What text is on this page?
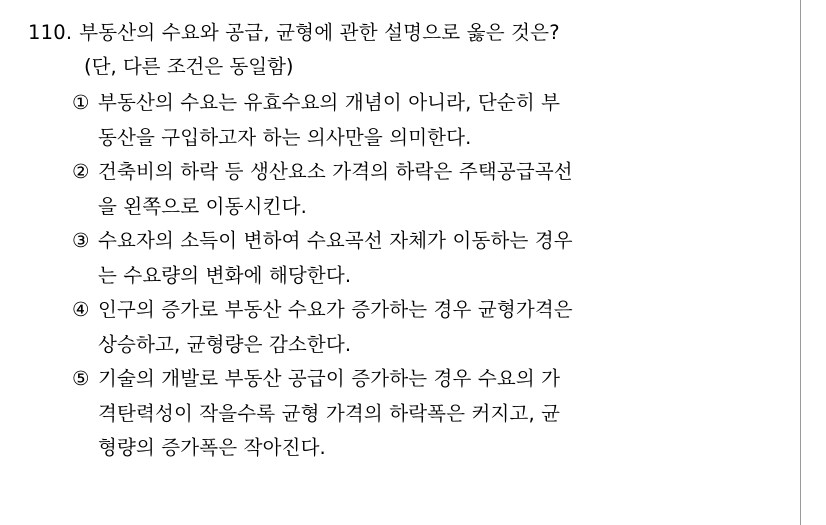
110. 부동산의 수요와 공급, 균형에 관한 설명으로 옳은 것은?
(단, 다른 조건은 동일함)
① 부동산의 수요는 유효수요의 개념이 아니라, 단순히 부
동산을 구입하고자 하는 의사만을 의미한다.
② 건축비의 하락 등 생산요소 가격의 하락은 주택공급곡선
을 왼쪽으로 이동시킨다.
③ 수요자의 소득이 변하여 수요곡선 자체가 이동하는 경우
는 수요량의 변화에 해당한다.
④ 인구의 증가로 부동산 수요가 증가하는 경우 균형가격은
상승하고, 균형량은 감소한다.
⑤ 기술의 개발로 부동산 공급이 증가하는 경우 수요의 가
격탄력성이 작을수록 균형 가격의 하락폭은 커지고, 균
형량의 증가폭은 작아진다.
